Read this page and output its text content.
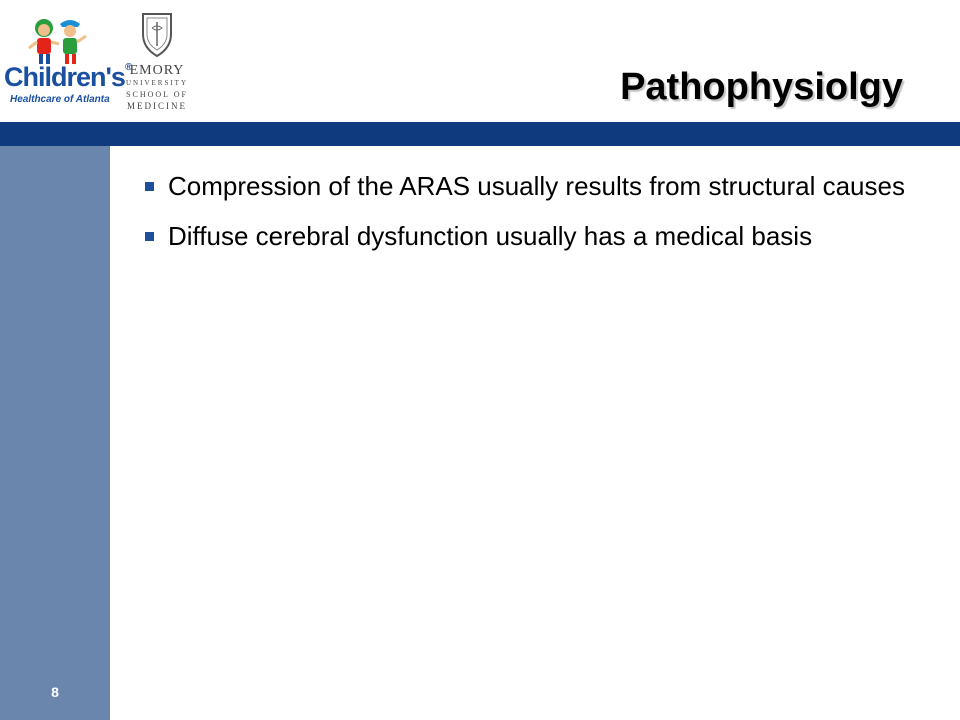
Children's®
Healthcare of Atlanta
EMORY
UNIVERSITY
SCHOOL OF
MEDICINE	Pathophysiolgy
Compression of the ARAS usually results from structural causes
Diffuse cerebral dysfunction usually has a medical basis
8
